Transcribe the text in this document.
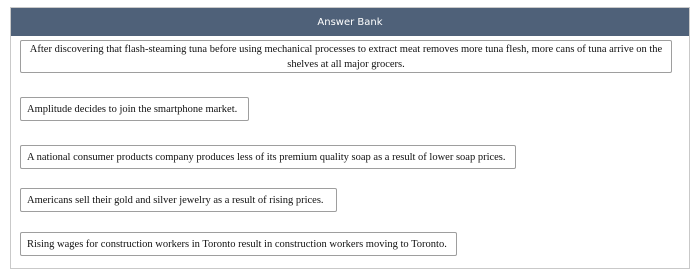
Answer Bank
After discovering that flash-steaming tuna before using mechanical processes to extract meat removes more tuna flesh, more cans of tuna arrive on the shelves at all major grocers.
Amplitude decides to join the smartphone market.
A national consumer products company produces less of its premium quality soap as a result of lower soap prices.
Americans sell their gold and silver jewelry as a result of rising prices.
Rising wages for construction workers in Toronto result in construction workers moving to Toronto.
